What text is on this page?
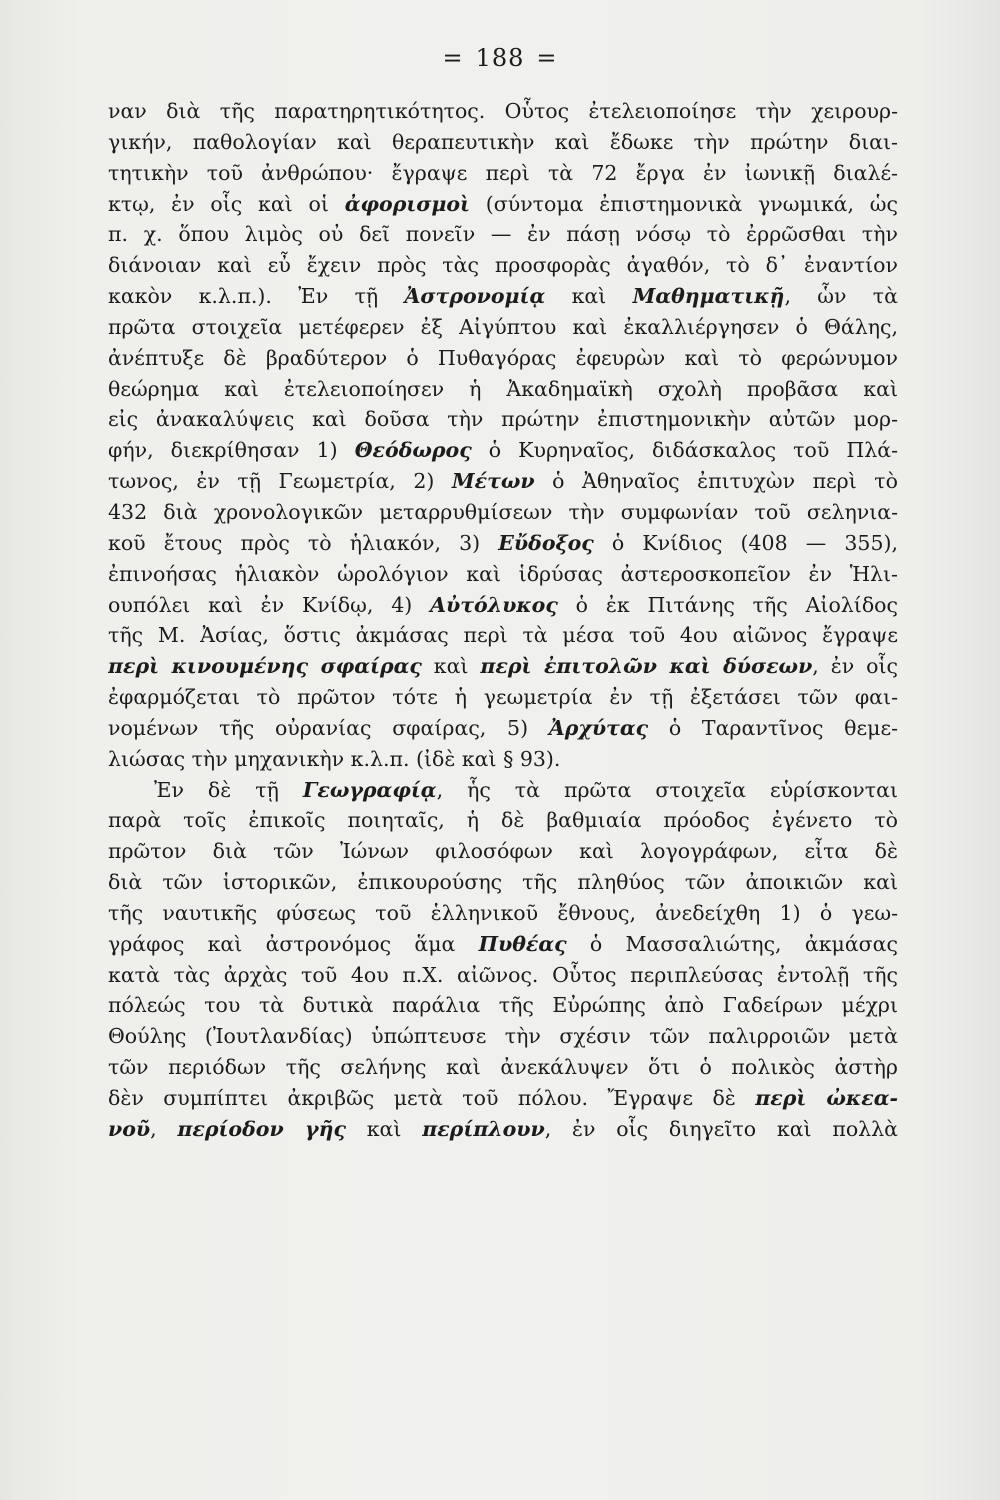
= 188 =
ναν διὰ τῆς παρατηρητικότητος. Οὗτος ἐτελειοποίησε τὴν χειρουρ-
γικήν, παθολογίαν καὶ θεραπευτικὴν καὶ ἔδωκε τὴν πρώτην διαι-
τητικὴν τοῦ ἀνθρώπου· ἔγραψε περὶ τὰ 72 ἔργα ἐν ἰωνικῇ διαλέ-
κτῳ, ἐν οἷς καὶ οἱ ἀφορισμοὶ (σύντομα ἐπιστημονικὰ γνωμικά, ὡς
π. χ. ὅπου λιμὸς οὐ δεῖ πονεῖν — ἐν πάσῃ νόσῳ τὸ ἐρρῶσθαι τὴν
διάνοιαν καὶ εὖ ἔχειν πρὸς τὰς προσφορὰς ἀγαθόν, τὸ δ᾽ ἐναντίον
κακὸν κ.λ.π.). Ἐν τῇ Ἀστρονομίᾳ καὶ Μαθηματικῇ, ὧν τὰ
πρῶτα στοιχεῖα μετέφερεν ἐξ Αἰγύπτου καὶ ἐκαλλιέργησεν ὁ Θάλης,
ἀνέπτυξε δὲ βραδύτερον ὁ Πυθαγόρας ἐφευρὼν καὶ τὸ φερώνυμον
θεώρημα καὶ ἐτελειοποίησεν ἡ Ἀκαδημαϊκὴ σχολὴ προβᾶσα καὶ
εἰς ἀνακαλύψεις καὶ δοῦσα τὴν πρώτην ἐπιστημονικὴν αὐτῶν μορ-
φήν, διεκρίθησαν 1) Θεόδωρος ὁ Κυρηναῖος, διδάσκαλος τοῦ Πλά-
τωνος, ἐν τῇ Γεωμετρία, 2) Μέτων ὁ Ἀθηναῖος ἐπιτυχὼν περὶ τὸ
432 διὰ χρονολογικῶν μεταρρυθμίσεων τὴν συμφωνίαν τοῦ σεληνια-
κοῦ ἔτους πρὸς τὸ ἡλιακόν, 3) Εὔδοξος ὁ Κνίδιος (408 — 355),
ἐπινοήσας ἡλιακὸν ὡρολόγιον καὶ ἱδρύσας ἀστεροσκοπεῖον ἐν Ἡλι-
ουπόλει καὶ ἐν Κνίδῳ, 4) Αὐτόλυκος ὁ ἐκ Πιτάνης τῆς Αἰολίδος
τῆς Μ. Ἀσίας, ὅστις ἀκμάσας περὶ τὰ μέσα τοῦ 4ου αἰῶνος ἔγραψε
περὶ κινουμένης σφαίρας καὶ περὶ ἐπιτολῶν καὶ δύσεων, ἐν οἷς
ἐφαρμόζεται τὸ πρῶτον τότε ἡ γεωμετρία ἐν τῇ ἐξετάσει τῶν φαι-
νομένων τῆς οὐρανίας σφαίρας, 5) Ἀρχύτας ὁ Ταραντῖνος θεμε-
λιώσας τὴν μηχανικὴν κ.λ.π. (ἰδὲ καὶ § 93).
Ἐν δὲ τῇ Γεωγραφίᾳ, ἧς τὰ πρῶτα στοιχεῖα εὑρίσκονται
παρὰ τοῖς ἐπικοῖς ποιηταῖς, ἡ δὲ βαθμιαία πρόοδος ἐγένετο τὸ
πρῶτον διὰ τῶν Ἰώνων φιλοσόφων καὶ λογογράφων, εἶτα δὲ
διὰ τῶν ἱστορικῶν, ἐπικουρούσης τῆς πληθύος τῶν ἀποικιῶν καὶ
τῆς ναυτικῆς φύσεως τοῦ ἑλληνικοῦ ἔθνους, ἀνεδείχθη 1) ὁ γεω-
γράφος καὶ ἀστρονόμος ἅμα Πυθέας ὁ Μασσαλιώτης, ἀκμάσας
κατὰ τὰς ἀρχὰς τοῦ 4ου π.Χ. αἰῶνος. Οὗτος περιπλεύσας ἐντολῇ τῆς
πόλεώς του τὰ δυτικὰ παράλια τῆς Εὐρώπης ἀπὸ Γαδείρων μέχρι
Θούλης (Ἰουτλανδίας) ὑπώπτευσε τὴν σχέσιν τῶν παλιρροιῶν μετὰ
τῶν περιόδων τῆς σελήνης καὶ ἀνεκάλυψεν ὅτι ὁ πολικὸς ἀστὴρ
δὲν συμπίπτει ἀκριβῶς μετὰ τοῦ πόλου. Ἔγραψε δὲ περὶ ὠκεα-
νοῦ, περίοδον γῆς καὶ περίπλουν, ἐν οἷς διηγεῖτο καὶ πολλὰ
